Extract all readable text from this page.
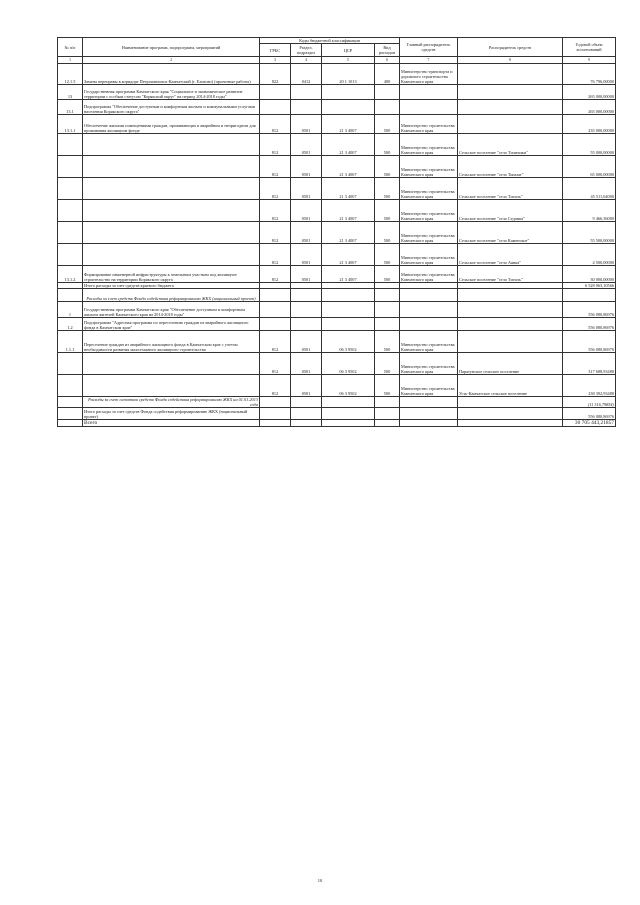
№ п/п	Наименование программ, подпрограмм, мероприятий	Коды бюджетной классификации				Главный распорядитель средств	Распорядитель средств	Годовой объем ассигнований
		ГРБС	Раздел, подраздел	ЦСР	Вид расходов			
1	2	3	4	5	6	7	8	9
12.1.5	Замена переправы в коридоре Петропавловск-Камчатский (г. Елизово) (проектные работы)	822	0412	20 1 1013	400	Министерство транспорта и дорожного строительства Камчатского края		76 796,00000
13	Государственная программа Камчатского края "Социальное и экономическое развитие территории с особым статусом "Корякский округ" на период 2014-2018 годы"							265 000,00000
13.1	Подпрограмма "Обеспечение доступным и комфортным жильем и коммунальными услугами населения Корякского округа"							265 000,00000
13.1.1	Обеспечение жилыми помещениями граждан, проживающих в аварийном и непригодном для проживания жилищном фонде	812	0501	21 3 4007	500	Министерство строительства Камчатского края		235 000,00000
		812	0501	21 3 4007	500	Министерство строительства Камчатского края	Сельское поселение "село Тиличики"	55 000,00000
		812	0501	21 3 4007	500	Министерство строительства Камчатского края	Сельское поселение "село Тымлат"	65 000,00000
		812	0501	21 3 4007	500	Министерство строительства Камчатского края	Сельское поселение "село Тигиль"	45 511,64000
		812	0501	21 3 4007	500	Министерство строительства Камчатского края	Сельское поселение "село Седанка"	9 466,36000
		812	0501	21 3 4007	500	Министерство строительства Камчатского края	Сельское поселение "село Каменское"	55 500,00000
		812	0501	21 3 4007	500	Министерство строительства Камчатского края	Сельское поселение "село Аянка"	4 500,00000
13.1.2	Формирование инженерной инфраструктуры к земельным участкам под жилищное строительство на территории Корякского округа	812	0501	21 3 4007	500	Министерство строительства Камчатского края	Сельское поселение "село Тигиль"	30 000,00000
	Итого расходы за счет средств краевого бюджета							6 528 063,10566
	Расходы за счет средств Фонда содействия реформированию ЖКХ (национальный проект)							
1	Государственная программа Камчатского края "Обеспечение доступным и комфортным жильем жителей Камчатского края на 2014-2018 годы"							556 080,86976
1.2	Подпрограмма "Адресная программа по переселению граждан из аварийного жилищного фонда в Камчатском крае"							556 080,86976
1.1.1	Переселение граждан из аварийного жилищного фонда в Камчатском крае с учетом необходимости развития малоэтажного жилищного строительства	812	0501	06 3 9502	500	Министерство строительства Камчатского края		556 080,86976
		812	0501	06 3 9502	500	Министерство строительства Камчатского края	Паратунское сельское поселение	317 688,93488
		812	0501	06 3 9502	500	Министерство строительства Камчатского края	Усть-Камчатское сельское поселение	238 392,93488
	Расходы за счет остатков средств Фонда содействия реформированию ЖКХ на 01.01.2013 года							(11 316,79854)
	Итого расходы за счет средств Фонда содействия реформированию ЖКХ (национальный проект)							556 080,86976
	Всего							30 705 443,21857
10
